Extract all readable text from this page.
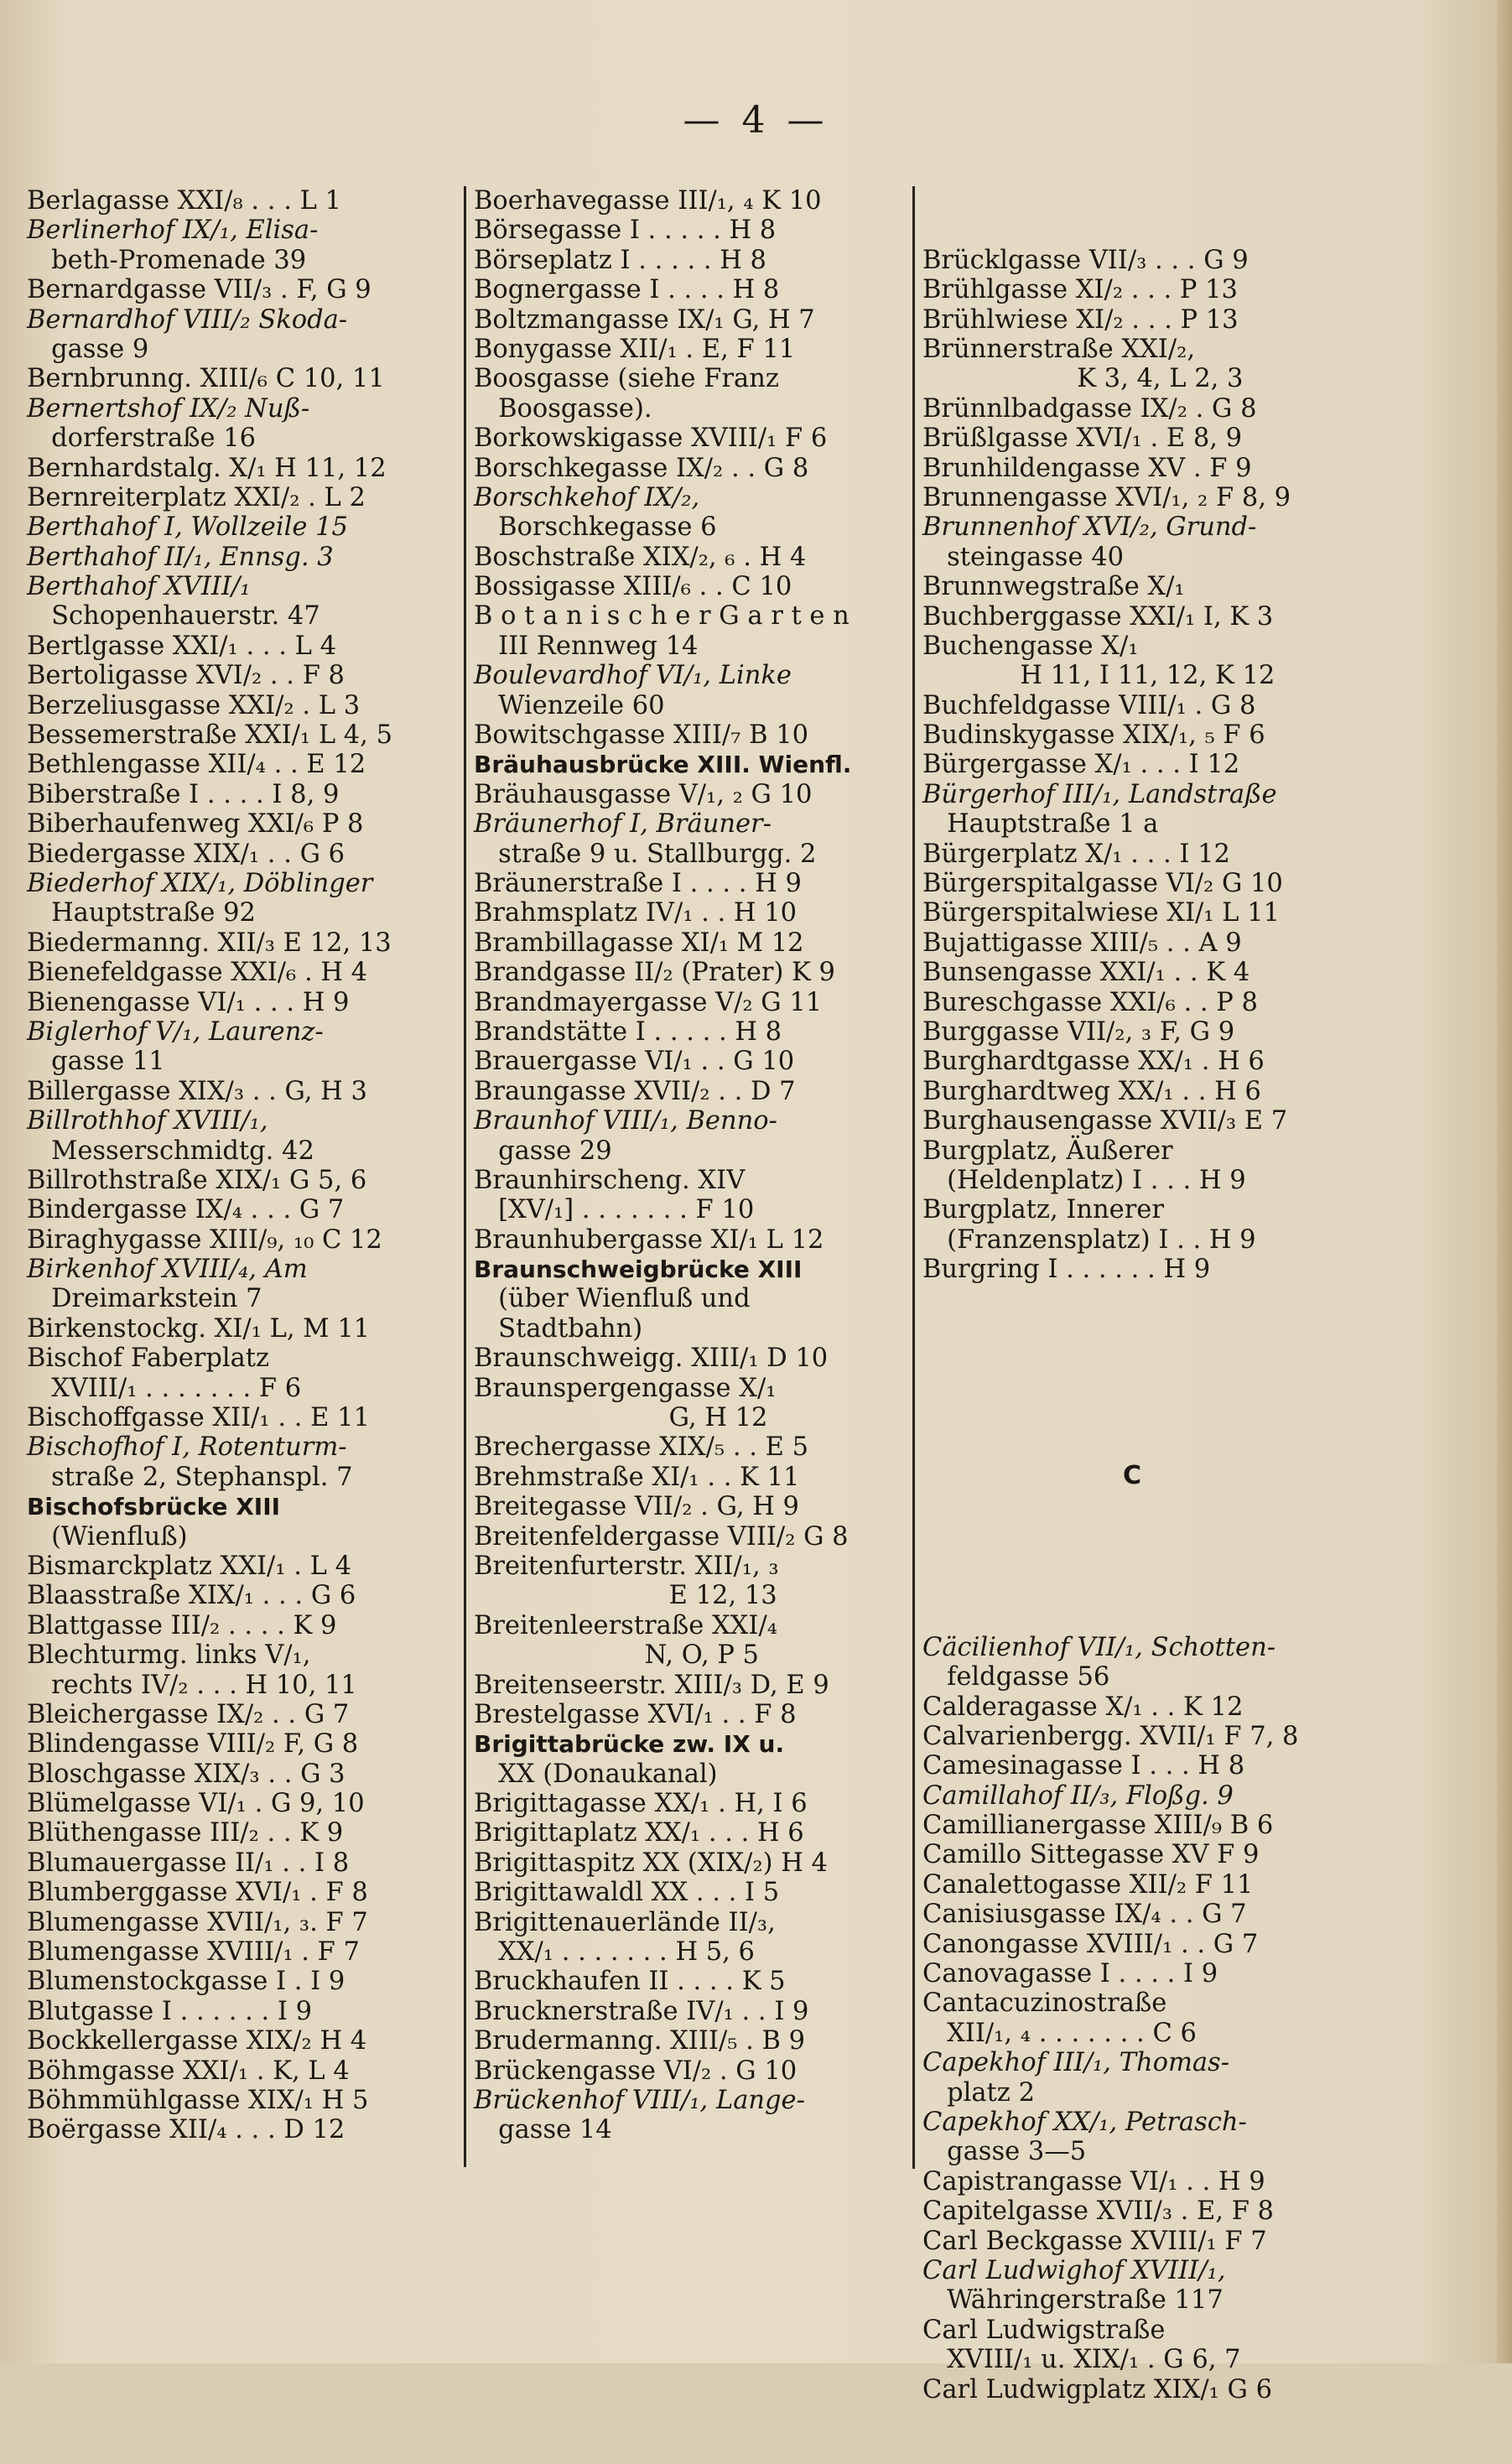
— 4 —
Berlagasse XXI/₈ . . . L 1
Berlinerhof IX/₁, Elisa-
beth-Promenade 39
Bernardgasse VII/₃ . F, G 9
Bernardhof VIII/₂ Skoda-
gasse 9
Bernbrunng. XIII/₆ C 10, 11
Bernertshof IX/₂ Nuß-
dorferstraße 16
Bernhardstalg. X/₁ H 11, 12
Bernreiterplatz XXI/₂ . L 2
Berthahof I, Wollzeile 15
Berthahof II/₁, Ennsg. 3
Berthahof XVIII/₁
Schopenhauerstr. 47
Bertlgasse XXI/₁ . . . L 4
Bertoligasse XVI/₂ . . F 8
Berzeliusgasse XXI/₂ . L 3
Bessemerstraße XXI/₁ L 4, 5
Bethlengasse XII/₄ . . E 12
Biberstraße I . . . . I 8, 9
Biberhaufenweg XXI/₆ P 8
Biedergasse XIX/₁ . . G 6
Biederhof XIX/₁, Döblinger
Hauptstraße 92
Biedermanng. XII/₃ E 12, 13
Bienefeldgasse XXI/₆ . H 4
Bienengasse VI/₁ . . . H 9
Biglerhof V/₁, Laurenz-
gasse 11
Billergasse XIX/₃ . . G, H 3
Billrothhof XVIII/₁,
Messerschmidtg. 42
Billrothstraße XIX/₁ G 5, 6
Bindergasse IX/₄ . . . G 7
Biraghygasse XIII/₉, ₁₀ C 12
Birkenhof XVIII/₄, Am
Dreimarkstein 7
Birkenstockg. XI/₁ L, M 11
Bischof Faberplatz
XVIII/₁ . . . . . . . F 6
Bischoffgasse XII/₁ . . E 11
Bischofhof I, Rotenturm-
straße 2, Stephanspl. 7
Bischofsbrücke XIII
(Wienfluß)
Bismarckplatz XXI/₁ . L 4
Blaasstraße XIX/₁ . . . G 6
Blattgasse III/₂ . . . . K 9
Blechturmg. links V/₁,
rechts IV/₂ . . . H 10, 11
Bleichergasse IX/₂ . . G 7
Blindengasse VIII/₂ F, G 8
Bloschgasse XIX/₃ . . G 3
Blümelgasse VI/₁ . G 9, 10
Blüthengasse III/₂ . . K 9
Blumauergasse II/₁ . . I 8
Blumberggasse XVI/₁ . F 8
Blumengasse XVII/₁, ₃. F 7
Blumengasse XVIII/₁ . F 7
Blumenstockgasse I . I 9
Blutgasse I . . . . . . I 9
Bockkellergasse XIX/₂ H 4
Böhmgasse XXI/₁ . K, L 4
Böhmmühlgasse XIX/₁ H 5
Boërgasse XII/₄ . . . D 12
Boerhavegasse III/₁, ₄ K 10
Börsegasse I . . . . . H 8
Börseplatz I . . . . . H 8
Bognergasse I . . . . H 8
Boltzmangasse IX/₁ G, H 7
Bonygasse XII/₁ . E, F 11
Boosgasse (siehe Franz
Boosgasse).
Borkowskigasse XVIII/₁ F 6
Borschkegasse IX/₂ . . G 8
Borschkehof IX/₂,
Borschkegasse 6
Boschstraße XIX/₂, ₆ . H 4
Bossigasse XIII/₆ . . C 10
B o t a n i s c h e r G a r t e n
III Rennweg 14
Boulevardhof VI/₁, Linke
Wienzeile 60
Bowitschgasse XIII/₇ B 10
Bräuhausbrücke XIII. Wienfl.
Bräuhausgasse V/₁, ₂ G 10
Bräunerhof I, Bräuner-
straße 9 u. Stallburgg. 2
Bräunerstraße I . . . . H 9
Brahmsplatz IV/₁ . . H 10
Brambillagasse XI/₁ M 12
Brandgasse II/₂ (Prater) K 9
Brandmayergasse V/₂ G 11
Brandstätte I . . . . . H 8
Brauergasse VI/₁ . . G 10
Braungasse XVII/₂ . . D 7
Braunhof VIII/₁, Benno-
gasse 29
Braunhirscheng. XIV
[XV/₁] . . . . . . . F 10
Braunhubergasse XI/₁ L 12
Braunschweigbrücke XIII
(über Wienfluß und
Stadtbahn)
Braunschweigg. XIII/₁ D 10
Braunspergengasse X/₁
G, H 12
Brechergasse XIX/₅ . . E 5
Brehmstraße XI/₁ . . K 11
Breitegasse VII/₂ . G, H 9
Breitenfeldergasse VIII/₂ G 8
Breitenfurterstr. XII/₁, ₃
E 12, 13
Breitenleerstraße XXI/₄
N, O, P 5
Breitenseerstr. XIII/₃ D, E 9
Brestelgasse XVI/₁ . . F 8
Brigittabrücke zw. IX u.
XX (Donaukanal)
Brigittagasse XX/₁ . H, I 6
Brigittaplatz XX/₁ . . . H 6
Brigittaspitz XX (XIX/₂) H 4
Brigittawaldl XX . . . I 5
Brigittenauerlände II/₃,
XX/₁ . . . . . . . H 5, 6
Bruckhaufen II . . . . K 5
Brucknerstraße IV/₁ . . I 9
Brudermanng. XIII/₅ . B 9
Brückengasse VI/₂ . G 10
Brückenhof VIII/₁, Lange-
gasse 14

Brücklgasse VII/₃ . . . G 9
Brühlgasse XI/₂ . . . P 13
Brühlwiese XI/₂ . . . P 13
Brünnerstraße XXI/₂,
K 3, 4, L 2, 3
Brünnlbadgasse IX/₂ . G 8
Brüßlgasse XVI/₁ . E 8, 9
Brunhildengasse XV . F 9
Brunnengasse XVI/₁, ₂ F 8, 9
Brunnenhof XVI/₂, Grund-
steingasse 40
Brunnwegstraße X/₁
Buchberggasse XXI/₁ I, K 3
Buchengasse X/₁
H 11, I 11, 12, K 12
Buchfeldgasse VIII/₁ . G 8
Budinskygasse XIX/₁, ₅ F 6
Bürgergasse X/₁ . . . I 12
Bürgerhof III/₁, Landstraße
Hauptstraße 1 a
Bürgerplatz X/₁ . . . I 12
Bürgerspitalgasse VI/₂ G 10
Bürgerspitalwiese XI/₁ L 11
Bujattigasse XIII/₅ . . A 9
Bunsengasse XXI/₁ . . K 4
Bureschgasse XXI/₆ . . P 8
Burggasse VII/₂, ₃ F, G 9
Burghardtgasse XX/₁ . H 6
Burghardtweg XX/₁ . . H 6
Burghausengasse XVII/₃ E 7
Burgplatz, Äußerer
(Heldenplatz) I . . . H 9
Burgplatz, Innerer
(Franzensplatz) I . . H 9
Burgring I . . . . . . H 9

C

Cäcilienhof VII/₁, Schotten-
feldgasse 56
Calderagasse X/₁ . . K 12
Calvarienbergg. XVII/₁ F 7, 8
Camesinagasse I . . . H 8
Camillahof II/₃, Floßg. 9
Camillianergasse XIII/₉ B 6
Camillo Sittegasse XV F 9
Canalettogasse XII/₂ F 11
Canisiusgasse IX/₄ . . G 7
Canongasse XVIII/₁ . . G 7
Canovagasse I . . . . I 9
Cantacuzinostraße
XII/₁, ₄ . . . . . . . C 6
Capekhof III/₁, Thomas-
platz 2
Capekhof XX/₁, Petrasch-
gasse 3—5
Capistrangasse VI/₁ . . H 9
Capitelgasse XVII/₃ . E, F 8
Carl Beckgasse XVIII/₁ F 7
Carl Ludwighof XVIII/₁,
Währingerstraße 117
Carl Ludwigstraße
XVIII/₁ u. XIX/₁ . G 6, 7
Carl Ludwigplatz XIX/₁ G 6
